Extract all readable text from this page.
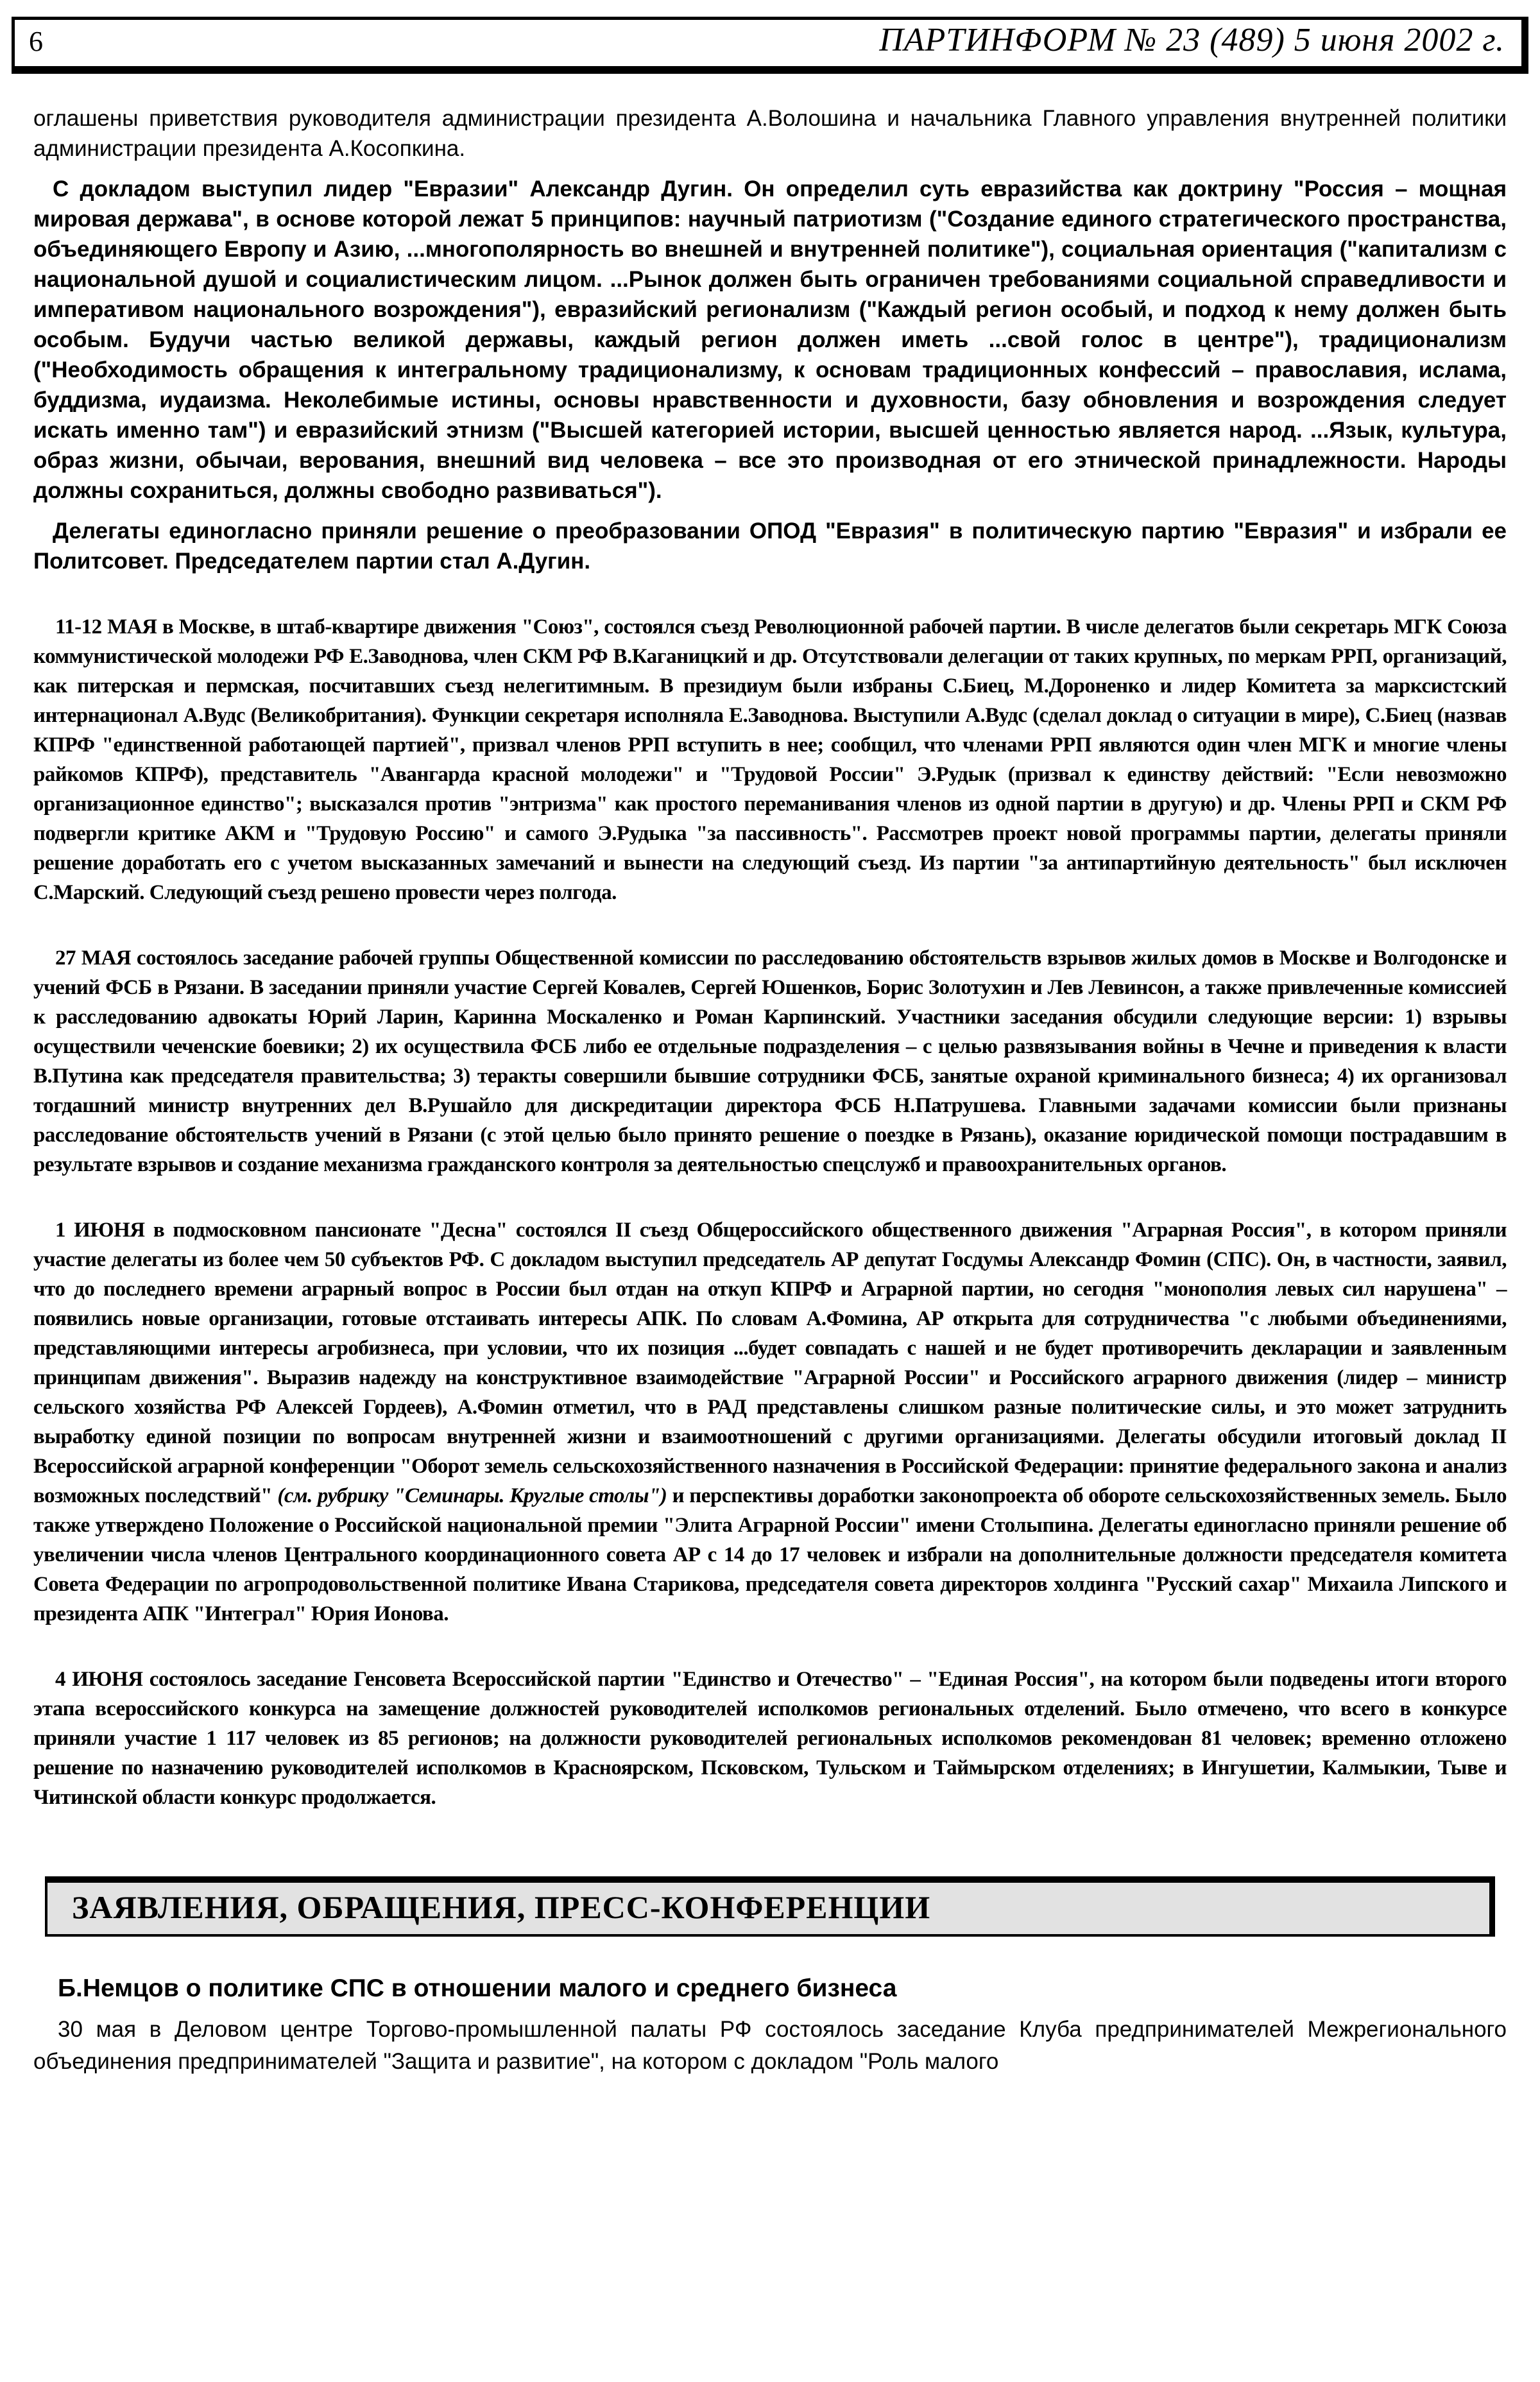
6	ПАРТИНФОРМ № 23 (489) 5 июня 2002 г.

оглашены приветствия руководителя администрации президента А.Волошина и начальника Главного управления внутренней политики администрации президента А.Косопкина.

С докладом выступил лидер "Евразии" Александр Дугин. Он определил суть евразийства как доктрину "Россия – мощная мировая держава", в основе которой лежат 5 принципов: научный патриотизм ("Создание единого стратегического пространства, объединяющего Европу и Азию, ...многополярность во внешней и внутренней политике"), социальная ориентация ("капитализм с национальной душой и социалистическим лицом. ...Рынок должен быть ограничен требованиями социальной справедливости и императивом национального возрождения"), евразийский регионализм ("Каждый регион особый, и подход к нему должен быть особым. Будучи частью великой державы, каждый регион должен иметь ...свой голос в центре"), традиционализм ("Необходимость обращения к интегральному традиционализму, к основам традиционных конфессий – православия, ислама, буддизма, иудаизма. Неколебимые истины, основы нравственности и духовности, базу обновления и возрождения следует искать именно там") и евразийский этнизм ("Высшей категорией истории, высшей ценностью является народ. ...Язык, культура, образ жизни, обычаи, верования, внешний вид человека – все это производная от его этнической принадлежности. Народы должны сохраниться, должны свободно развиваться").

Делегаты единогласно приняли решение о преобразовании ОПОД "Евразия" в политическую партию "Евразия" и избрали ее Политсовет. Председателем партии стал А.Дугин.

11-12 МАЯ в Москве, в штаб-квартире движения "Союз", состоялся съезд Революционной рабочей партии. В числе делегатов были секретарь МГК Союза коммунистической молодежи РФ Е.Заводнова, член СКМ РФ В.Каганицкий и др. Отсутствовали делегации от таких крупных, по меркам РРП, организаций, как питерская и пермская, посчитавших съезд нелегитимным. В президиум были избраны С.Биец, М.Дороненко и лидер Комитета за марксистский интернационал А.Вудс (Великобритания). Функции секретаря исполняла Е.Заводнова. Выступили А.Вудс (сделал доклад о ситуации в мире), С.Биец (назвав КПРФ "единственной работающей партией", призвал членов РРП вступить в нее; сообщил, что членами РРП являются один член МГК и многие члены райкомов КПРФ), представитель "Авангарда красной молодежи" и "Трудовой России" Э.Рудык (призвал к единству действий: "Если невозможно организационное единство"; высказался против "энтризма" как простого переманивания членов из одной партии в другую) и др. Члены РРП и СКМ РФ подвергли критике АКМ и "Трудовую Россию" и самого Э.Рудыка "за пассивность". Рассмотрев проект новой программы партии, делегаты приняли решение доработать его с учетом высказанных замечаний и вынести на следующий съезд. Из партии "за антипартийную деятельность" был исключен С.Марский. Следующий съезд решено провести через полгода.

27 МАЯ состоялось заседание рабочей группы Общественной комиссии по расследованию обстоятельств взрывов жилых домов в Москве и Волгодонске и учений ФСБ в Рязани. В заседании приняли участие Сергей Ковалев, Сергей Юшенков, Борис Золотухин и Лев Левинсон, а также привлеченные комиссией к расследованию адвокаты Юрий Ларин, Каринна Москаленко и Роман Карпинский. Участники заседания обсудили следующие версии: 1) взрывы осуществили чеченские боевики; 2) их осуществила ФСБ либо ее отдельные подразделения – с целью развязывания войны в Чечне и приведения к власти В.Путина как председателя правительства; 3) теракты совершили бывшие сотрудники ФСБ, занятые охраной криминального бизнеса; 4) их организовал тогдашний министр внутренних дел В.Рушайло для дискредитации директора ФСБ Н.Патрушева. Главными задачами комиссии были признаны расследование обстоятельств учений в Рязани (с этой целью было принято решение о поездке в Рязань), оказание юридической помощи пострадавшим в результате взрывов и создание механизма гражданского контроля за деятельностью спецслужб и правоохранительных органов.

1 ИЮНЯ в подмосковном пансионате "Десна" состоялся II съезд Общероссийского общественного движения "Аграрная Россия", в котором приняли участие делегаты из более чем 50 субъектов РФ. С докладом выступил председатель АР депутат Госдумы Александр Фомин (СПС). Он, в частности, заявил, что до последнего времени аграрный вопрос в России был отдан на откуп КПРФ и Аграрной партии, но сегодня "монополия левых сил нарушена" – появились новые организации, готовые отстаивать интересы АПК. По словам А.Фомина, АР открыта для сотрудничества "с любыми объединениями, представляющими интересы агробизнеса, при условии, что их позиция ...будет совпадать с нашей и не будет противоречить декларации и заявленным принципам движения". Выразив надежду на конструктивное взаимодействие "Аграрной России" и Российского аграрного движения (лидер – министр сельского хозяйства РФ Алексей Гордеев), А.Фомин отметил, что в РАД представлены слишком разные политические силы, и это может затруднить выработку единой позиции по вопросам внутренней жизни и взаимоотношений с другими организациями. Делегаты обсудили итоговый доклад II Всероссийской аграрной конференции "Оборот земель сельскохозяйственного назначения в Российской Федерации: принятие федерального закона и анализ возможных последствий" (см. рубрику "Семинары. Круглые столы") и перспективы доработки законопроекта об обороте сельскохозяйственных земель. Было также утверждено Положение о Российской национальной премии "Элита Аграрной России" имени Столыпина. Делегаты единогласно приняли решение об увеличении числа членов Центрального координационного совета АР с 14 до 17 человек и избрали на дополнительные должности председателя комитета Совета Федерации по агропродовольственной политике Ивана Старикова, председателя совета директоров холдинга "Русский сахар" Михаила Липского и президента АПК "Интеграл" Юрия Ионова.

4 ИЮНЯ состоялось заседание Генсовета Всероссийской партии "Единство и Отечество" – "Единая Россия", на котором были подведены итоги второго этапа всероссийского конкурса на замещение должностей руководителей исполкомов региональных отделений. Было отмечено, что всего в конкурсе приняли участие 1 117 человек из 85 регионов; на должности руководителей региональных исполкомов рекомендован 81 человек; временно отложено решение по назначению руководителей исполкомов в Красноярском, Псковском, Тульском и Таймырском отделениях; в Ингушетии, Калмыкии, Тыве и Читинской области конкурс продолжается.

ЗАЯВЛЕНИЯ, ОБРАЩЕНИЯ, ПРЕСС-КОНФЕРЕНЦИИ

Б.Немцов о политике СПС в отношении малого и среднего бизнеса

30 мая в Деловом центре Торгово-промышленной палаты РФ состоялось заседание Клуба предпринимателей Межрегионального объединения предпринимателей "Защита и развитие", на котором с докладом "Роль малого
